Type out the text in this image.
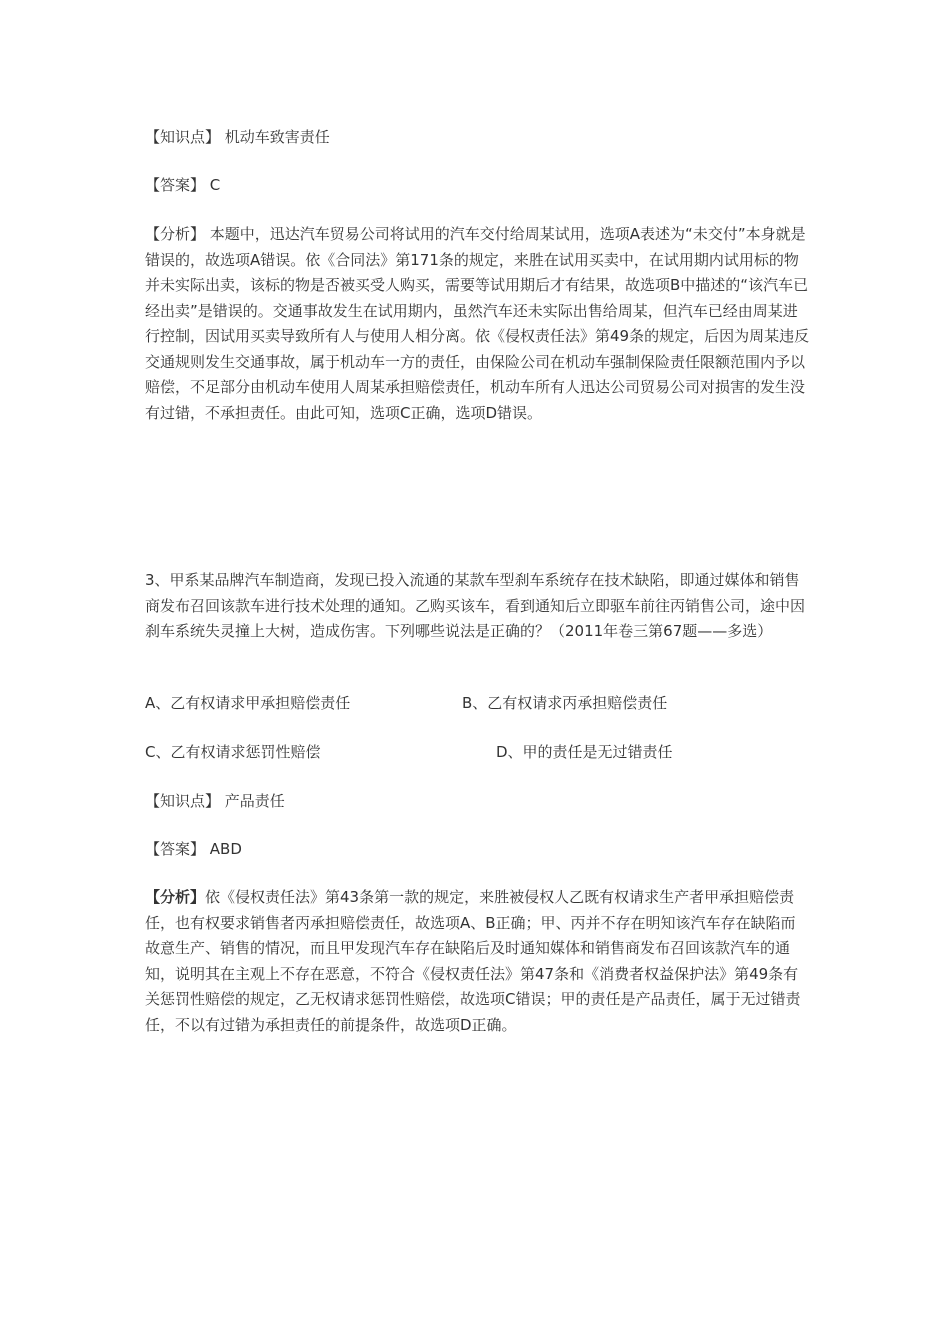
【知识点】 机动车致害责任

【答案】 C

【分析】 本题中，迅达汽车贸易公司将试用的汽车交付给周某试用，选项A表述为“未交付”本身就是错误的，故选项A错误。依《合同法》第171条的规定，来胜在试用买卖中，在试用期内试用标的物并未实际出卖，该标的物是否被买受人购买，需要等试用期后才有结果，故选项B中描述的“该汽车已经出卖”是错误的。交通事故发生在试用期内，虽然汽车还未实际出售给周某，但汽车已经由周某进行控制，因试用买卖导致所有人与使用人相分离。依《侵权责任法》第49条的规定，后因为周某违反交通规则发生交通事故，属于机动车一方的责任，由保险公司在机动车强制保险责任限额范围内予以赔偿，不足部分由机动车使用人周某承担赔偿责任，机动车所有人迅达公司贸易公司对损害的发生没有过错，不承担责任。由此可知，选项C正确，选项D错误。

3、甲系某品牌汽车制造商，发现已投入流通的某款车型刹车系统存在技术缺陷，即通过媒体和销售商发布召回该款车进行技术处理的通知。乙购买该车，看到通知后立即驱车前往丙销售公司，途中因刹车系统失灵撞上大树，造成伤害。下列哪些说法是正确的？（2011年卷三第67题——多选）

A、乙有权请求甲承担赔偿责任	B、乙有权请求丙承担赔偿责任
C、乙有权请求惩罚性赔偿	D、甲的责任是无过错责任

【知识点】 产品责任

【答案】 ABD

【分析】依《侵权责任法》第43条第一款的规定，来胜被侵权人乙既有权请求生产者甲承担赔偿责任，也有权要求销售者丙承担赔偿责任，故选项A、B正确；甲、丙并不存在明知该汽车存在缺陷而故意生产、销售的情况，而且甲发现汽车存在缺陷后及时通知媒体和销售商发布召回该款汽车的通知，说明其在主观上不存在恶意，不符合《侵权责任法》第47条和《消费者权益保护法》第49条有关惩罚性赔偿的规定，乙无权请求惩罚性赔偿，故选项C错误；甲的责任是产品责任，属于无过错责任，不以有过错为承担责任的前提条件，故选项D正确。
